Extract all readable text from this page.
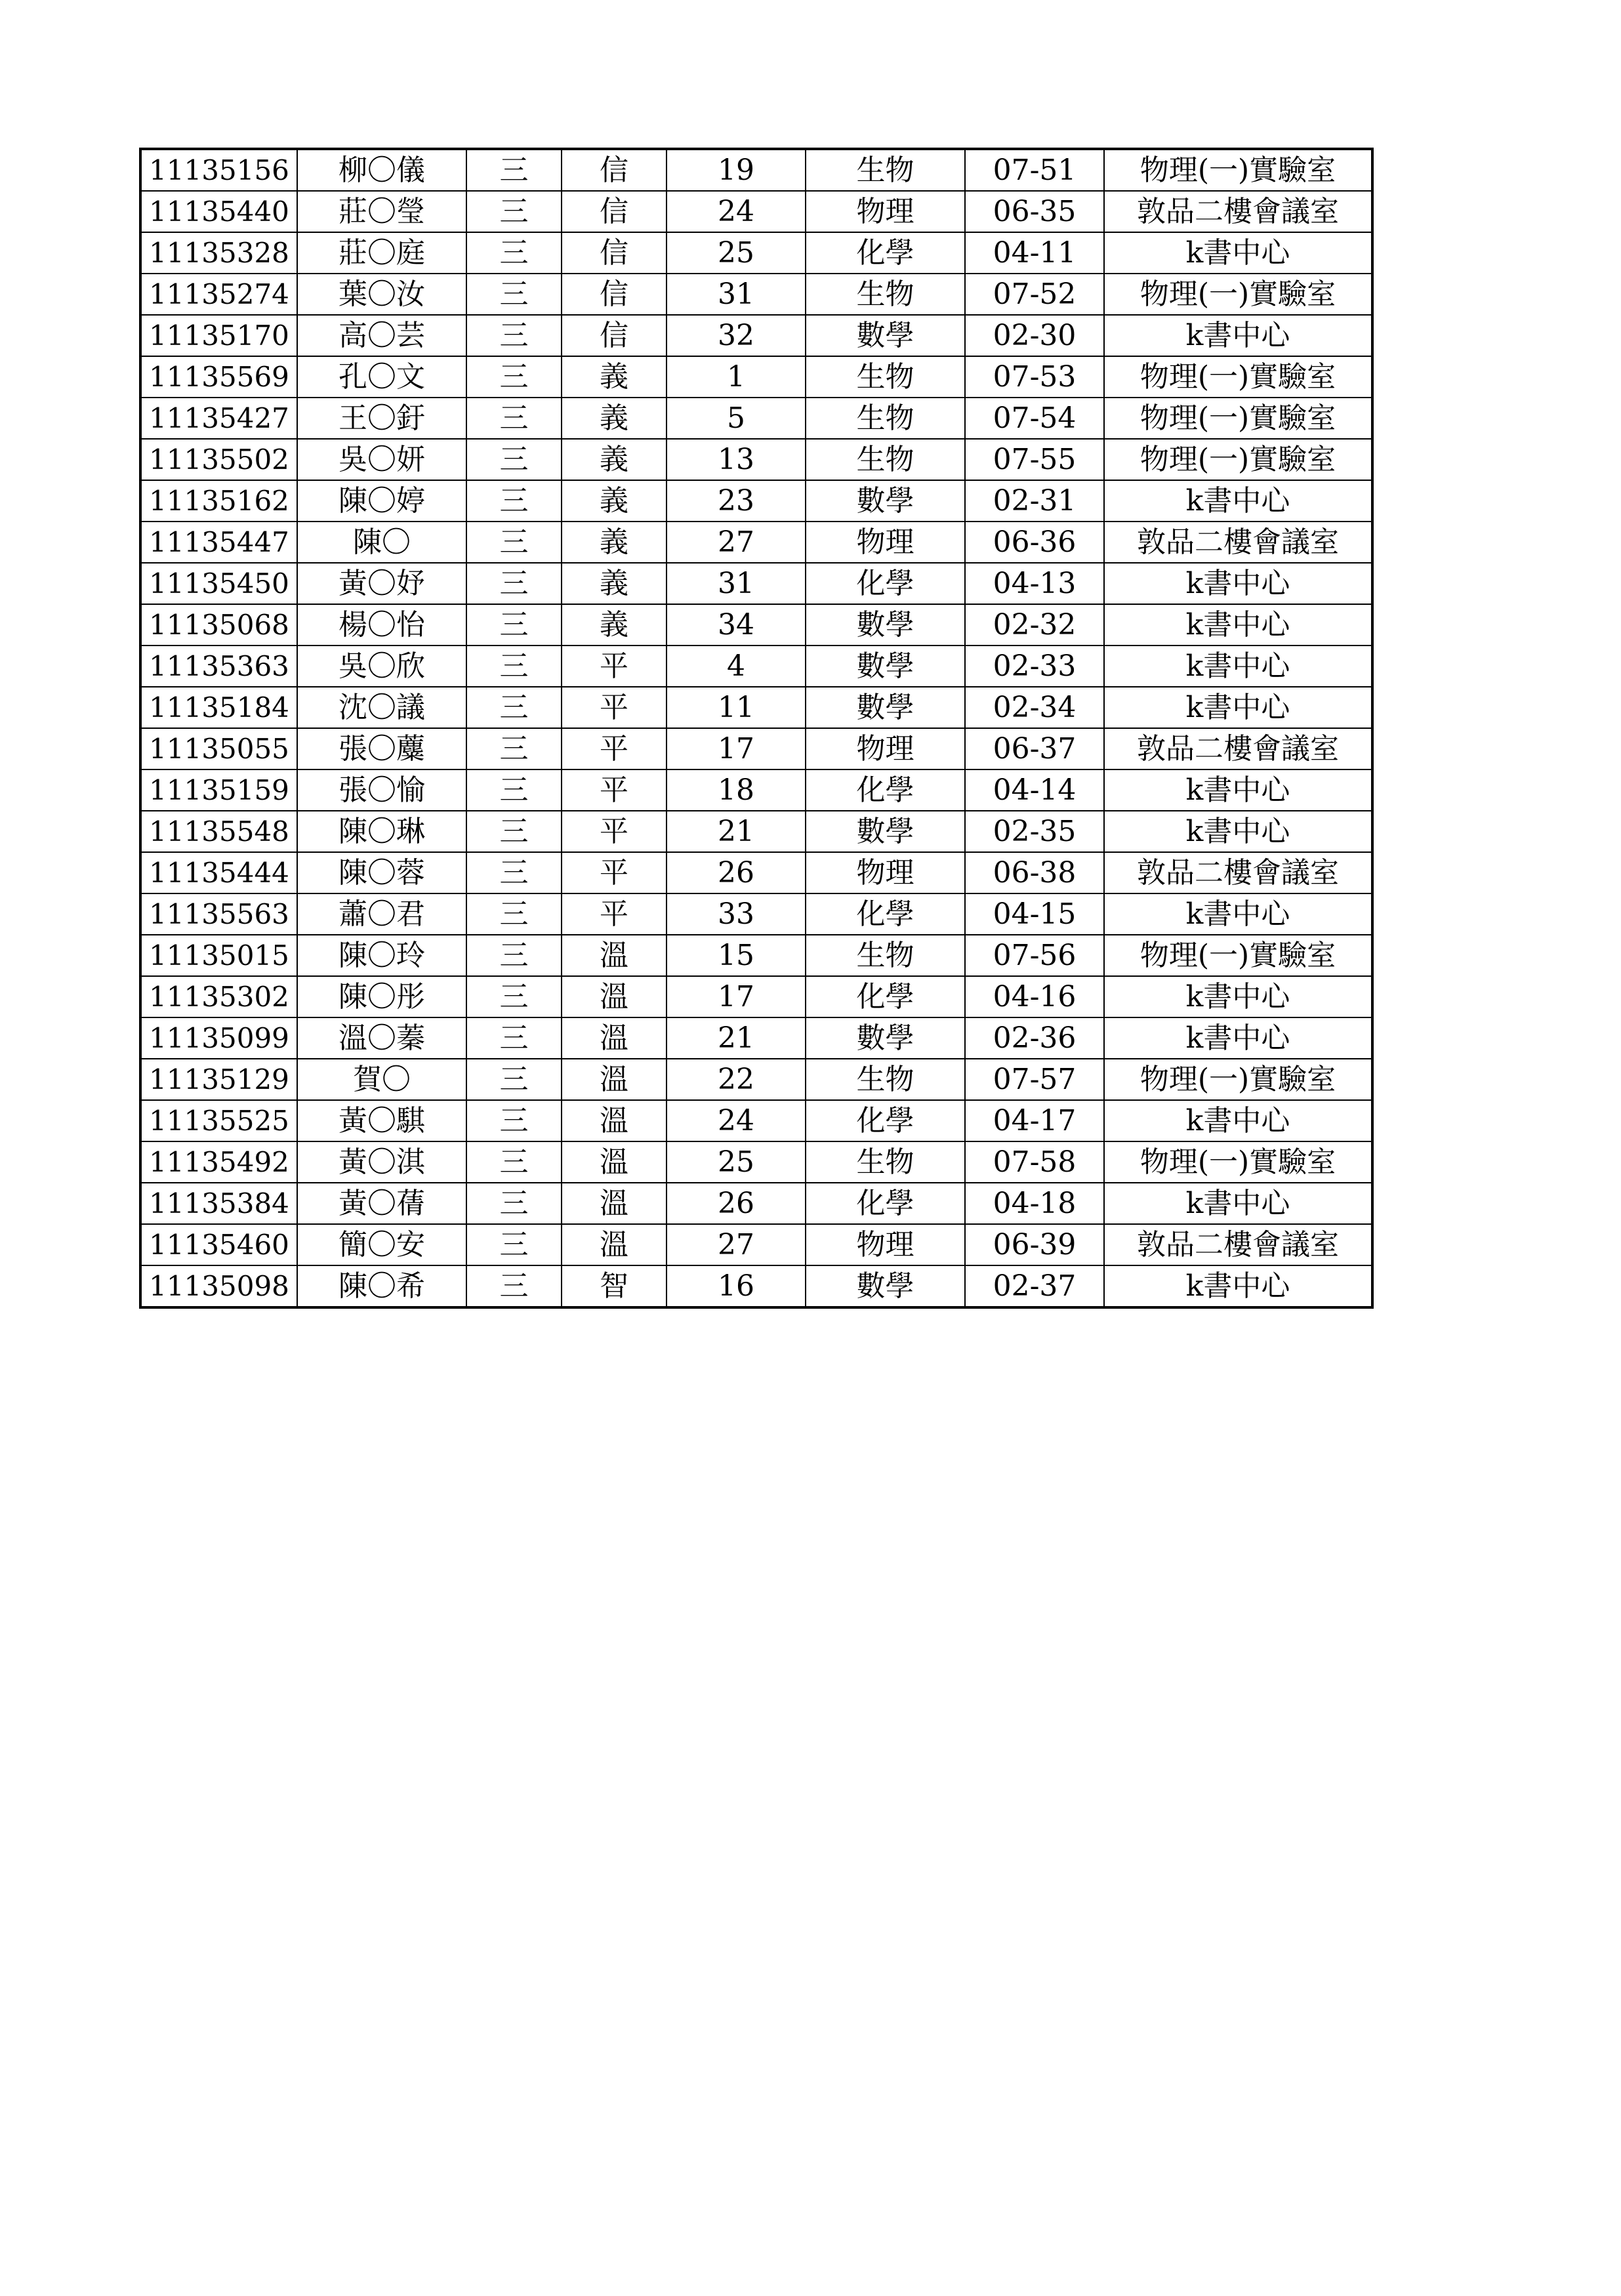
11135156	柳〇儀	三	信	19	生物	07-51	物理(一)實驗室
11135440	莊〇瑩	三	信	24	物理	06-35	敦品二樓會議室
11135328	莊〇庭	三	信	25	化學	04-11	k書中心
11135274	葉〇汝	三	信	31	生物	07-52	物理(一)實驗室
11135170	高〇芸	三	信	32	數學	02-30	k書中心
11135569	孔〇文	三	義	1	生物	07-53	物理(一)實驗室
11135427	王〇釪	三	義	5	生物	07-54	物理(一)實驗室
11135502	吳〇妍	三	義	13	生物	07-55	物理(一)實驗室
11135162	陳〇婷	三	義	23	數學	02-31	k書中心
11135447	陳〇	三	義	27	物理	06-36	敦品二樓會議室
11135450	黃〇妤	三	義	31	化學	04-13	k書中心
11135068	楊〇怡	三	義	34	數學	02-32	k書中心
11135363	吳〇欣	三	平	4	數學	02-33	k書中心
11135184	沈〇議	三	平	11	數學	02-34	k書中心
11135055	張〇蘪	三	平	17	物理	06-37	敦品二樓會議室
11135159	張〇愉	三	平	18	化學	04-14	k書中心
11135548	陳〇琳	三	平	21	數學	02-35	k書中心
11135444	陳〇蓉	三	平	26	物理	06-38	敦品二樓會議室
11135563	蕭〇君	三	平	33	化學	04-15	k書中心
11135015	陳〇玲	三	溫	15	生物	07-56	物理(一)實驗室
11135302	陳〇彤	三	溫	17	化學	04-16	k書中心
11135099	溫〇蓁	三	溫	21	數學	02-36	k書中心
11135129	賀〇	三	溫	22	生物	07-57	物理(一)實驗室
11135525	黃〇騏	三	溫	24	化學	04-17	k書中心
11135492	黃〇淇	三	溫	25	生物	07-58	物理(一)實驗室
11135384	黃〇蒨	三	溫	26	化學	04-18	k書中心
11135460	簡〇安	三	溫	27	物理	06-39	敦品二樓會議室
11135098	陳〇希	三	智	16	數學	02-37	k書中心
